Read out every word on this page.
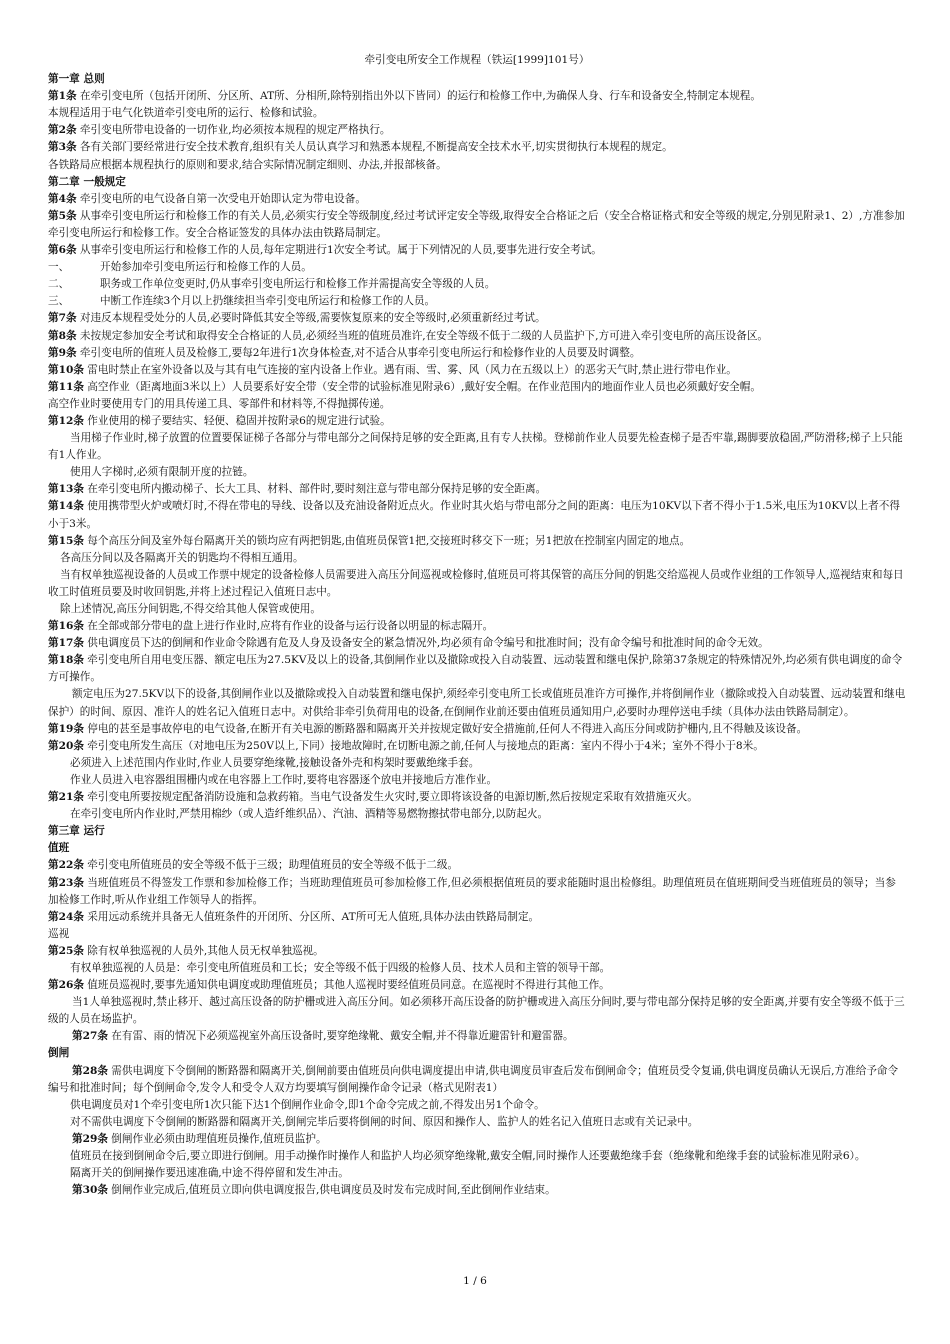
牵引变电所安全工作规程（铁运[1999]101号）
第一章 总则
第1条 在牵引变电所（包括开闭所、分区所、AT所、分相所,除特别指出外以下皆同）的运行和检修工作中,为确保人身、行车和设备安全,特制定本规程。
本规程适用于电气化铁道牵引变电所的运行、检修和试验。
第2条 牵引变电所带电设备的一切作业,均必须按本规程的规定严格执行。
第3条 各有关部门要经常进行安全技术教育,组织有关人员认真学习和熟悉本规程,不断提高安全技术水平,切实贯彻执行本规程的规定。
各铁路局应根据本规程执行的原则和要求,结合实际情况制定细则、办法,并报部核备。
第二章 一般规定
第4条 牵引变电所的电气设备自第一次受电开始即认定为带电设备。
第5条 从事牵引变电所运行和检修工作的有关人员,必须实行安全等级制度,经过考试评定安全等级,取得安全合格证之后（安全合格证格式和安全等级的规定,分别见附录1、2）,方准参加牵引变电所运行和检修工作。安全合格证签发的具体办法由铁路局制定。
第6条 从事牵引变电所运行和检修工作的人员,每年定期进行1次安全考试。属于下列情况的人员,要事先进行安全考试。
一、	开始参加牵引变电所运行和检修工作的人员。
二、	职务或工作单位变更时,仍从事牵引变电所运行和检修工作并需提高安全等级的人员。
三、	中断工作连续3个月以上扔继续担当牵引变电所运行和检修工作的人员。
第7条 对违反本规程受处分的人员,必要时降低其安全等级,需要恢复原来的安全等级时,必须重新经过考试。
第8条 未按规定参加安全考试和取得安全合格证的人员,必须经当班的值班员准许,在安全等级不低于二级的人员监护下,方可进入牵引变电所的高压设备区。
第9条 牵引变电所的值班人员及检修工,要每2年进行1次身体检查,对不适合从事牵引变电所运行和检修作业的人员要及时调整。
第10条 雷电时禁止在室外设备以及与其有电气连接的室内设备上作业。遇有雨、雪、雾、风（风力在五级以上）的恶劣天气时,禁止进行带电作业。
第11条 高空作业（距离地面3米以上）人员要系好安全带（安全带的试验标准见附录6）,戴好安全帽。在作业范围内的地面作业人员也必须戴好安全帽。
高空作业时要使用专门的用具传递工具、零部件和材料等,不得抛掷传递。
第12条 作业使用的梯子要结实、轻便、稳固并按附录6的规定进行试验。
当用梯子作业时,梯子放置的位置要保证梯子各部分与带电部分之间保持足够的安全距离,且有专人扶梯。登梯前作业人员要先检查梯子是否牢靠,踢脚要放稳固,严防滑移;梯子上只能有1人作业。
使用人字梯时,必须有限制开度的拉链。
第13条 在牵引变电所内搬动梯子、长大工具、材料、部件时,要时刻注意与带电部分保持足够的安全距离。
第14条 使用携带型火炉或喷灯时,不得在带电的导线、设备以及充油设备附近点火。作业时其火焰与带电部分之间的距离：电压为10KV以下者不得小于1.5米,电压为10KV以上者不得小于3米。
第15条 每个高压分间及室外每台隔离开关的锁均应有两把钥匙,由值班员保管1把,交接班时移交下一班；另1把放在控制室内固定的地点。
各高压分间以及各隔离开关的钥匙均不得相互通用。
当有权单独巡视设备的人员或工作票中规定的设备检修人员需要进入高压分间巡视或检修时,值班员可将其保管的高压分间的钥匙交给巡视人员或作业组的工作领导人,巡视结束和每日收工时值班员要及时收回钥匙,并将上述过程记入值班日志中。
除上述情况,高压分间钥匙,不得交给其他人保管或使用。
第16条 在全部或部分带电的盘上进行作业时,应将有作业的设备与运行设备以明显的标志隔开。
第17条 供电调度员下达的倒闸和作业命令除遇有危及人身及设备安全的紧急情况外,均必须有命令编号和批准时间；没有命令编号和批准时间的命令无效。
第18条 牵引变电所自用电变压器、额定电压为27.5KV及以上的设备,其倒闸作业以及撤除或投入自动装置、远动装置和继电保护,除第37条规定的特殊情况外,均必须有供电调度的命令方可操作。
额定电压为27.5KV以下的设备,其倒闸作业以及撤除或投入自动装置和继电保护,须经牵引变电所工长或值班员准许方可操作,并将倒闸作业（撤除或投入自动装置、远动装置和继电保护）的时间、原因、准许人的姓名记入值班日志中。对供给非牵引负荷用电的设备,在倒闸作业前还要由值班员通知用户,必要时办理停送电手续（具体办法由铁路局制定）。
第19条 停电的甚至是事故停电的电气设备,在断开有关电源的断路器和隔离开关并按规定做好安全措施前,任何人不得进入高压分间或防护栅内,且不得触及该设备。
第20条 牵引变电所发生高压（对地电压为250V以上,下同）接地故障时,在切断电源之前,任何人与接地点的距离：室内不得小于4米；室外不得小于8米。
必须进入上述范围内作业时,作业人员要穿绝缘靴,接触设备外壳和构架时要戴绝缘手套。
作业人员进入电容器组围栅内或在电容器上工作时,要将电容器逐个放电并接地后方准作业。
第21条 牵引变电所要按规定配备消防设施和急救药箱。当电气设备发生火灾时,要立即将该设备的电源切断,然后按规定采取有效措施灭火。
在牵引变电所内作业时,严禁用棉纱（或人造纤维织品）、汽油、酒精等易燃物擦拭带电部分,以防起火。
第三章 运行
值班
第22条 牵引变电所值班员的安全等级不低于三级；助理值班员的安全等级不低于二级。
第23条 当班值班员不得签发工作票和参加检修工作；当班助理值班员可参加检修工作,但必须根据值班员的要求能随时退出检修组。助理值班员在值班期间受当班值班员的领导；当参加检修工作时,听从作业组工作领导人的指挥。
第24条 采用远动系统并具备无人值班条件的开闭所、分区所、AT所可无人值班,具体办法由铁路局制定。
巡视
第25条 除有权单独巡视的人员外,其他人员无权单独巡视。
有权单独巡视的人员是：牵引变电所值班员和工长；安全等级不低于四级的检修人员、技术人员和主管的领导干部。
第26条 值班员巡视时,要事先通知供电调度或助理值班员；其他人巡视时要经值班员同意。在巡视时不得进行其他工作。
当1人单独巡视时,禁止移开、越过高压设备的防护栅或进入高压分间。如必须移开高压设备的防护栅或进入高压分间时,要与带电部分保持足够的安全距离,并要有安全等级不低于三级的人员在场监护。
第27条 在有雷、雨的情况下必须巡视室外高压设备时,要穿绝缘靴、戴安全帽,并不得靠近避雷针和避雷器。
倒闸
第28条 需供电调度下令倒闸的断路器和隔离开关,倒闸前要由值班员向供电调度提出申请,供电调度员审查后发布倒闸命令；值班员受令复诵,供电调度员确认无误后,方准给予命令编号和批准时间；每个倒闸命令,发令人和受令人双方均要填写倒闸操作命令记录（格式见附表1）
供电调度员对1个牵引变电所1次只能下达1个倒闸作业命令,即1个命令完成之前,不得发出另1个命令。
对不需供电调度下令倒闸的断路器和隔离开关,倒闸完毕后要将倒闸的时间、原因和操作人、监护人的姓名记入值班日志或有关记录中。
第29条 倒闸作业必须由助理值班员操作,值班员监护。
值班员在接到倒闸命令后,要立即进行倒闸。用手动操作时操作人和监护人均必须穿绝缘靴,戴安全帽,同时操作人还要戴绝缘手套（绝缘靴和绝缘手套的试验标准见附录6）。
隔离开关的倒闸操作要迅速准确,中途不得停留和发生冲击。
第30条 倒闸作业完成后,值班员立即向供电调度报告,供电调度员及时发布完成时间,至此倒闸作业结束。
1 / 6
